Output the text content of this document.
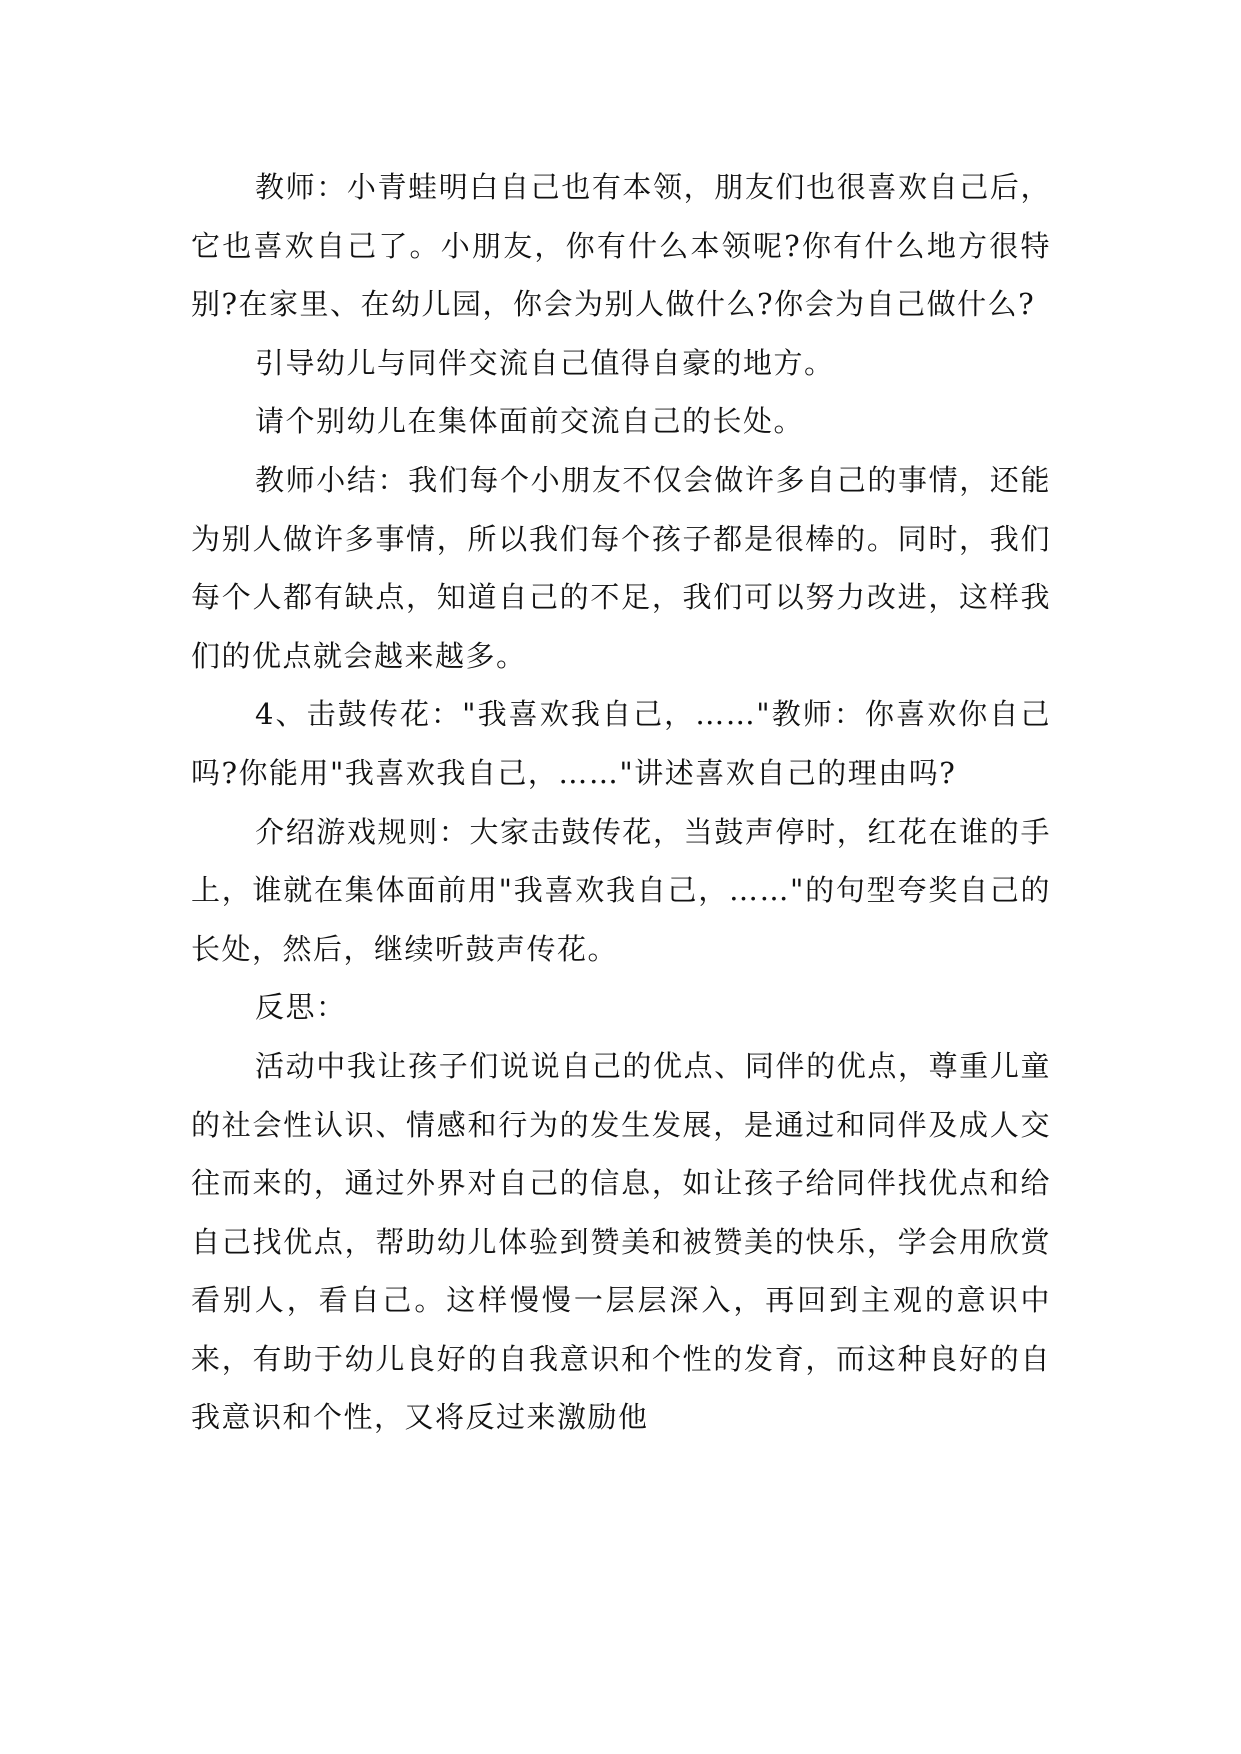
教师：小青蛙明白自己也有本领，朋友们也很喜欢自己后，它也喜欢自己了。小朋友，你有什么本领呢?你有什么地方很特别?在家里、在幼儿园，你会为别人做什么?你会为自己做什么?

引导幼儿与同伴交流自己值得自豪的地方。

请个别幼儿在集体面前交流自己的长处。

教师小结：我们每个小朋友不仅会做许多自己的事情，还能为别人做许多事情，所以我们每个孩子都是很棒的。同时，我们每个人都有缺点，知道自己的不足，我们可以努力改进，这样我们的优点就会越来越多。

4、击鼓传花："我喜欢我自己，……"教师：你喜欢你自己吗?你能用"我喜欢我自己，……"讲述喜欢自己的理由吗?

介绍游戏规则：大家击鼓传花，当鼓声停时，红花在谁的手上，谁就在集体面前用"我喜欢我自己，……"的句型夸奖自己的长处，然后，继续听鼓声传花。

反思：

活动中我让孩子们说说自己的优点、同伴的优点，尊重儿童的社会性认识、情感和行为的发生发展，是通过和同伴及成人交往而来的，通过外界对自己的信息，如让孩子给同伴找优点和给自己找优点，帮助幼儿体验到赞美和被赞美的快乐，学会用欣赏看别人，看自己。这样慢慢一层层深入，再回到主观的意识中来，有助于幼儿良好的自我意识和个性的发育，而这种良好的自我意识和个性，又将反过来激励他
